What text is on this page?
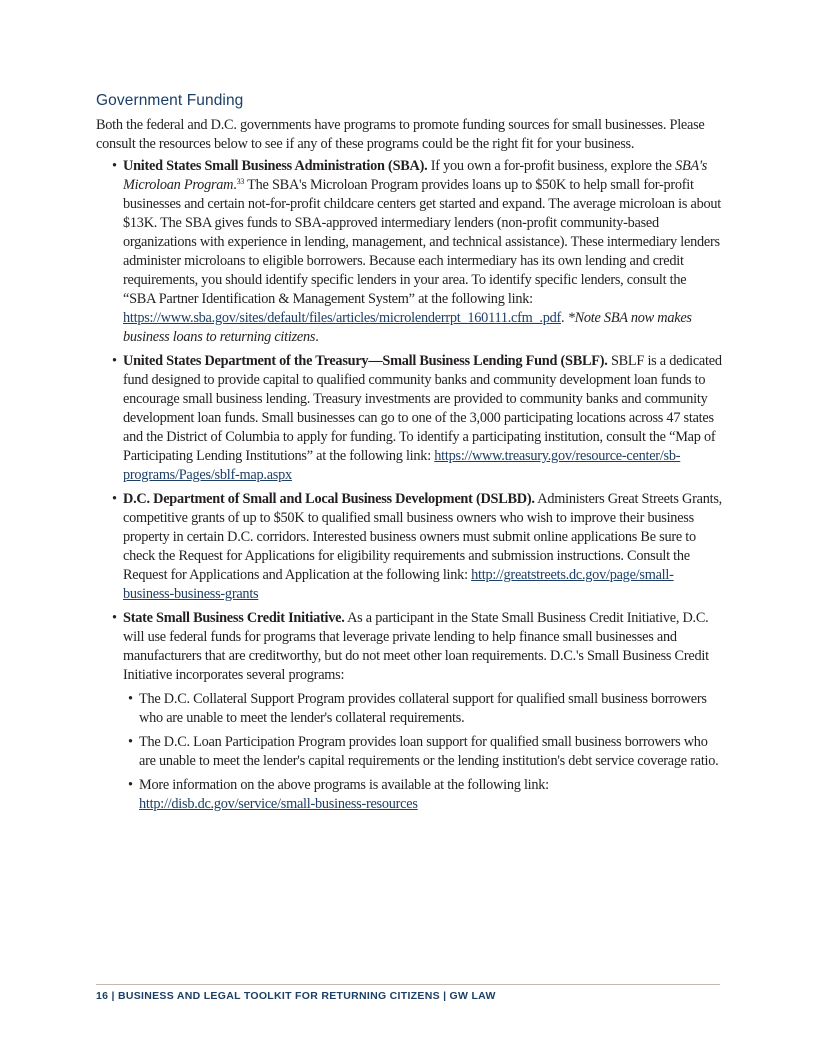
Government Funding

Both the federal and D.C. governments have programs to promote funding sources for small businesses. Please consult the resources below to see if any of these programs could be the right fit for your business.

• United States Small Business Administration (SBA). If you own a for-profit business, explore the SBA's Microloan Program.$^{33}$ The SBA's Microloan Program provides loans up to $50K to help small for-profit businesses and certain not-for-profit childcare centers get started and expand. The average microloan is about $13K. The SBA gives funds to SBA-approved intermediary lenders (non-profit community-based organizations with experience in lending, management, and technical assistance). These intermediary lenders administer microloans to eligible borrowers. Because each intermediary has its own lending and credit requirements, you should identify specific lenders in your area. To identify specific lenders, consult the “SBA Partner Identification & Management System” at the following link: https://www.sba.gov/sites/default/files/articles/microlenderrpt_160111.cfm_.pdf. *Note SBA now makes business loans to returning citizens.
• United States Department of the Treasury—Small Business Lending Fund (SBLF). SBLF is a dedicated fund designed to provide capital to qualified community banks and community development loan funds to encourage small business lending. Treasury investments are provided to community banks and community development loan funds. Small businesses can go to one of the 3,000 participating locations across 47 states and the District of Columbia to apply for funding. To identify a participating institution, consult the “Map of Participating Lending Institutions” at the following link: https://www.treasury.gov/resource-center/sb-programs/Pages/sblf-map.aspx
• D.C. Department of Small and Local Business Development (DSLBD). Administers Great Streets Grants, competitive grants of up to $50K to qualified small business owners who wish to improve their business property in certain D.C. corridors. Interested business owners must submit online applications Be sure to check the Request for Applications for eligibility requirements and submission instructions. Consult the Request for Applications and Application at the following link: http://greatstreets.dc.gov/page/small-business-business-grants
• State Small Business Credit Initiative. As a participant in the State Small Business Credit Initiative, D.C. will use federal funds for programs that leverage private lending to help finance small businesses and manufacturers that are creditworthy, but do not meet other loan requirements. D.C.'s Small Business Credit Initiative incorporates several programs:
• The D.C. Collateral Support Program provides collateral support for qualified small business borrowers who are unable to meet the lender's collateral requirements.
• The D.C. Loan Participation Program provides loan support for qualified small business borrowers who are unable to meet the lender's capital requirements or the lending institution's debt service coverage ratio.
• More information on the above programs is available at the following link: http://disb.dc.gov/service/small-business-resources
16 | BUSINESS AND LEGAL TOOLKIT FOR RETURNING CITIZENS | GW LAW
